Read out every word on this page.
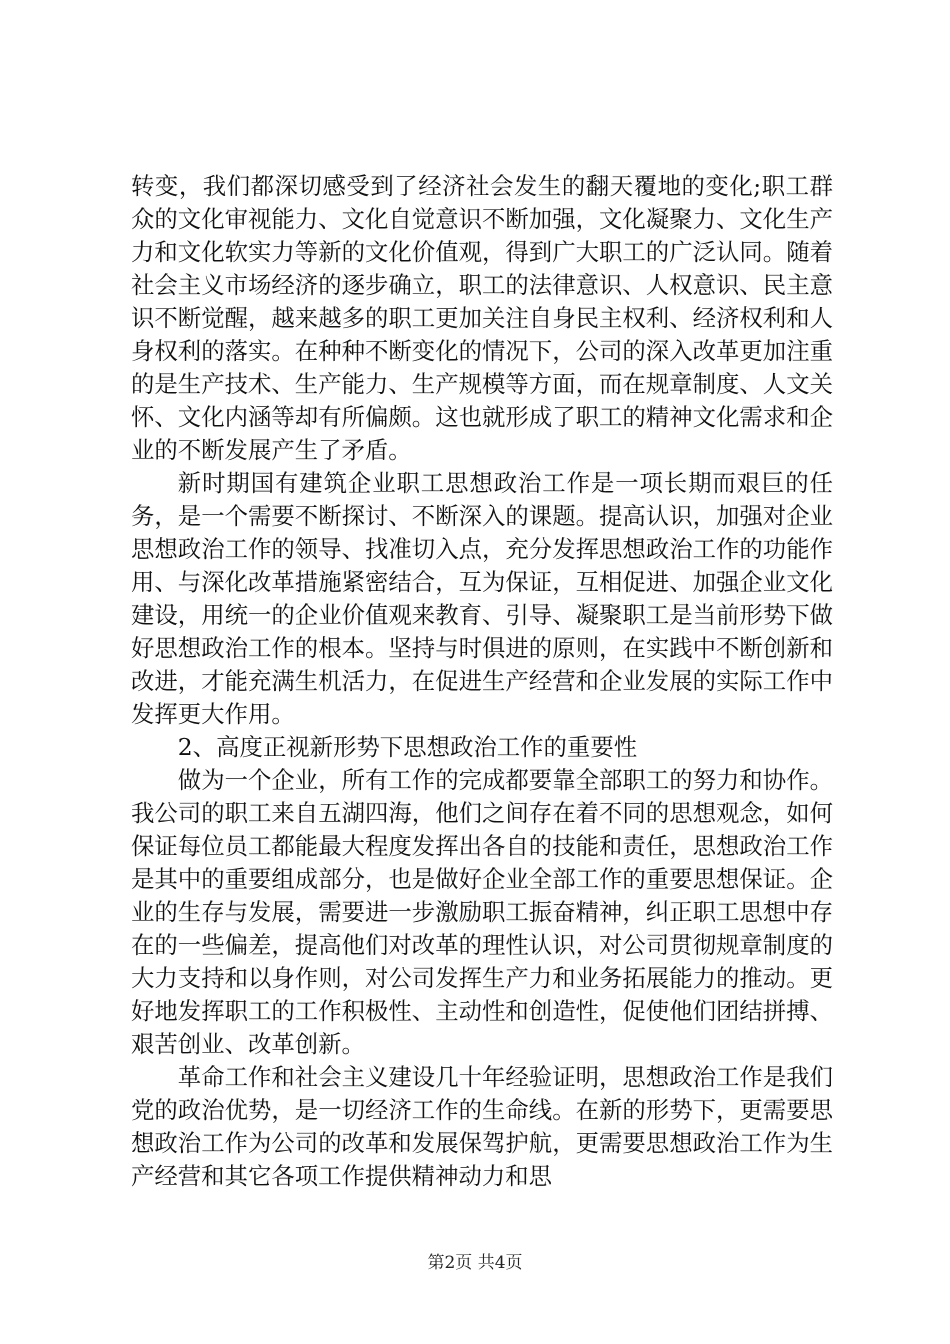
转变，我们都深切感受到了经济社会发生的翻天覆地的变化;职工群众的文化审视能力、文化自觉意识不断加强，文化凝聚力、文化生产力和文化软实力等新的文化价值观，得到广大职工的广泛认同。随着社会主义市场经济的逐步确立，职工的法律意识、人权意识、民主意识不断觉醒，越来越多的职工更加关注自身民主权利、经济权利和人身权利的落实。在种种不断变化的情况下，公司的深入改革更加注重的是生产技术、生产能力、生产规模等方面，而在规章制度、人文关怀、文化内涵等却有所偏颇。这也就形成了职工的精神文化需求和企业的不断发展产生了矛盾。

新时期国有建筑企业职工思想政治工作是一项长期而艰巨的任务，是一个需要不断探讨、不断深入的课题。提高认识，加强对企业思想政治工作的领导、找准切入点，充分发挥思想政治工作的功能作用、与深化改革措施紧密结合，互为保证，互相促进、加强企业文化建设，用统一的企业价值观来教育、引导、凝聚职工是当前形势下做好思想政治工作的根本。坚持与时俱进的原则，在实践中不断创新和改进，才能充满生机活力，在促进生产经营和企业发展的实际工作中发挥更大作用。

2、高度正视新形势下思想政治工作的重要性

做为一个企业，所有工作的完成都要靠全部职工的努力和协作。我公司的职工来自五湖四海，他们之间存在着不同的思想观念，如何保证每位员工都能最大程度发挥出各自的技能和责任，思想政治工作是其中的重要组成部分，也是做好企业全部工作的重要思想保证。企业的生存与发展，需要进一步激励职工振奋精神，纠正职工思想中存在的一些偏差，提高他们对改革的理性认识，对公司贯彻规章制度的大力支持和以身作则，对公司发挥生产力和业务拓展能力的推动。更好地发挥职工的工作积极性、主动性和创造性，促使他们团结拼搏、艰苦创业、改革创新。

革命工作和社会主义建设几十年经验证明，思想政治工作是我们党的政治优势，是一切经济工作的生命线。在新的形势下，更需要思想政治工作为公司的改革和发展保驾护航，更需要思想政治工作为生产经营和其它各项工作提供精神动力和思

第2页 共4页
